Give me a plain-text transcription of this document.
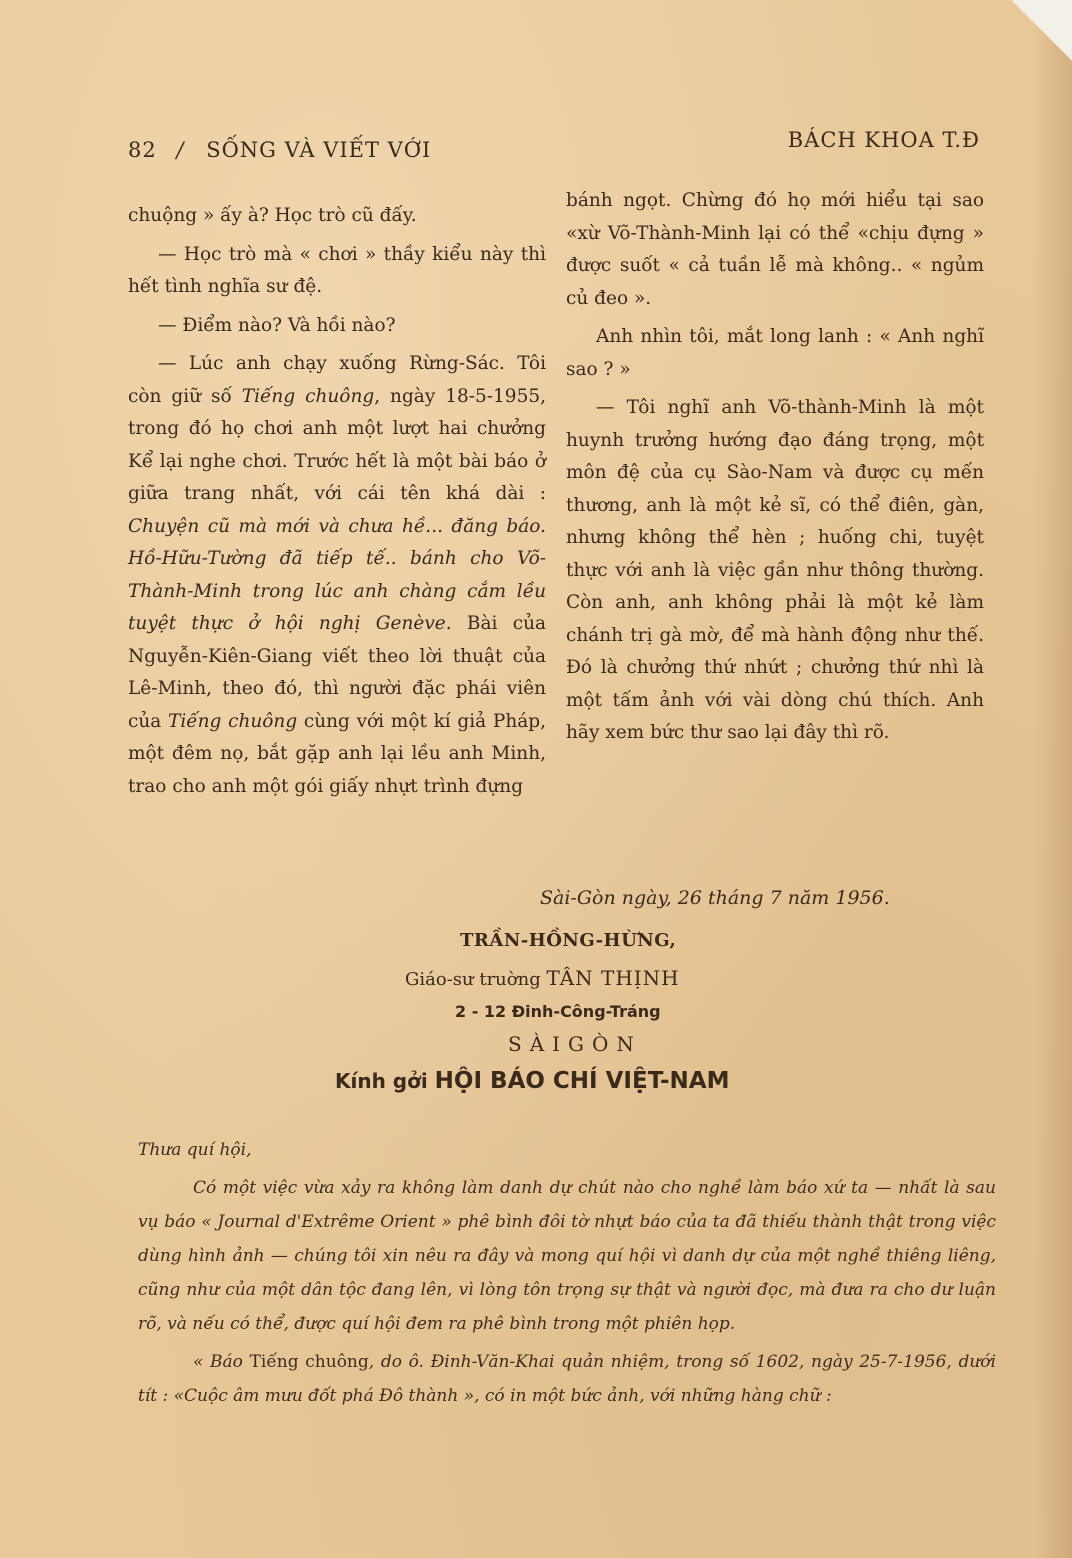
82 / SỐNG VÀ VIẾT VỚI	BÁCH KHOA T.Đ

chuộng » ấy à? Học trò cũ đấy.

— Học trò mà « chơi » thầy kiểu này thì hết tình nghĩa sư đệ.

— Điểm nào? Và hồi nào?

— Lúc anh chạy xuống Rừng-Sác. Tôi còn giữ số Tiếng chuông, ngày 18-5-1955, trong đó họ chơi anh một lượt hai chưởng Kể lại nghe chơi. Trước hết là một bài báo ở giữa trang nhất, với cái tên khá dài : Chuyện cũ mà mới và chưa hề... đăng báo. Hồ-Hữu-Tường đã tiếp tế.. bánh cho Võ-Thành-Minh trong lúc anh chàng cắm lều tuyệt thực ở hội nghị Genève. Bài của Nguyễn-Kiên-Giang viết theo lời thuật của Lê-Minh, theo đó, thì người đặc phái viên của Tiếng chuông cùng với một kí giả Pháp, một đêm nọ, bắt gặp anh lại lều anh Minh, trao cho anh một gói giấy nhựt trình đựng

bánh ngọt. Chừng đó họ mới hiểu tại sao «xừ Võ-Thành-Minh lại có thể «chịu đựng » được suốt « cả tuần lễ mà không.. « ngủm củ đeo ».

Anh nhìn tôi, mắt long lanh : « Anh nghĩ sao ? »

— Tôi nghĩ anh Võ-thành-Minh là một huynh trưởng hướng đạo đáng trọng, một môn đệ của cụ Sào-Nam và được cụ mến thương, anh là một kẻ sĩ, có thể điên, gàn, nhưng không thể hèn ; huống chi, tuyệt thực với anh là việc gần như thông thường. Còn anh, anh không phải là một kẻ làm chánh trị gà mờ, để mà hành động như thế. Đó là chưởng thứ nhứt ; chưởng thứ nhì là một tấm ảnh với vài dòng chú thích. Anh hãy xem bức thư sao lại đây thì rõ.

Sài-Gòn ngày, 26 tháng 7 năm 1956.
TRẦN-HỒNG-HỪNG,
Giáo-sư truờng TÂN THỊNH
2 - 12 Đinh-Công-Tráng
SÀIGÒN
Kính gởi HỘI BÁO CHÍ VIỆT-NAM

Thưa quí hội,

Có một việc vừa xảy ra không làm danh dự chút nào cho nghề làm báo xứ ta — nhất là sau vụ báo « Journal d'Extrême Orient » phê bình đôi tờ nhựt báo của ta đã thiếu thành thật trong việc dùng hình ảnh — chúng tôi xin nêu ra đây và mong quí hội vì danh dự của một nghề thiêng liêng, cũng như của một dân tộc đang lên, vì lòng tôn trọng sự thật và người đọc, mà đưa ra cho dư luận rõ, và nếu có thể, được quí hội đem ra phê bình trong một phiên họp.

« Báo Tiếng chuông, do ô. Đinh-Văn-Khai quản nhiệm, trong số 1602, ngày 25-7-1956, dưới tít : «Cuộc âm mưu đốt phá Đô thành », có in một bức ảnh, với những hàng chữ :
